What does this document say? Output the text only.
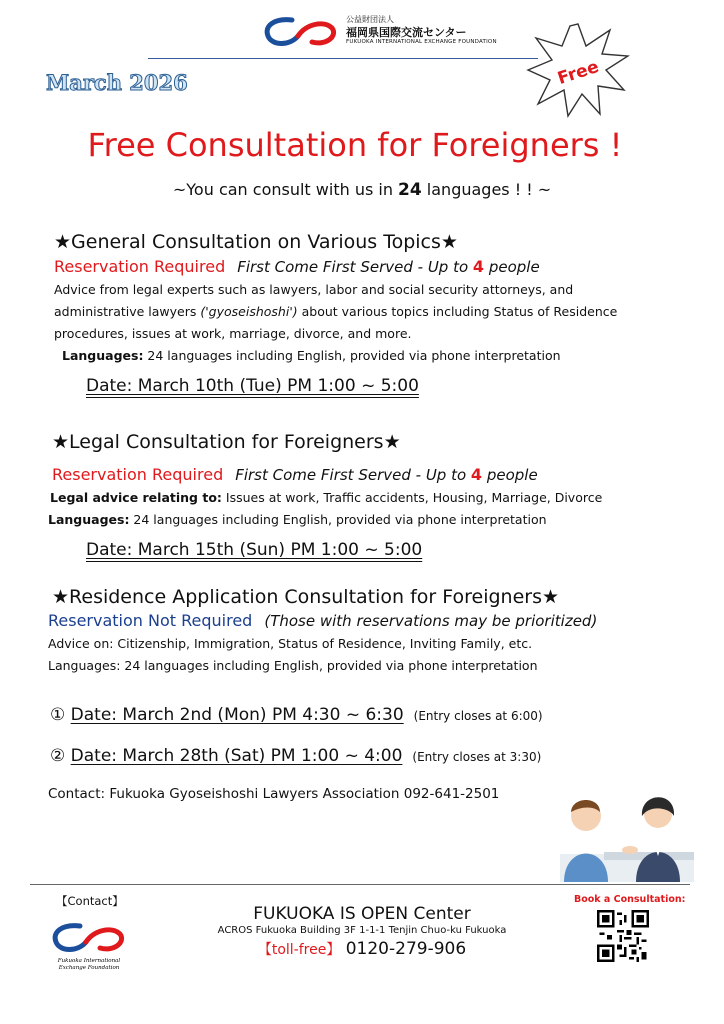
公益財団法人
福岡県国際交流センター
FUKUOKA INTERNATIONAL EXCHANGE FOUNDATION
March 2026	Free
Free Consultation for Foreigners !
~You can consult with us in 24 languages ! ! ~
★General Consultation on Various Topics★
Reservation Required First Come First Served - Up to 4 people
Advice from legal experts such as lawyers, labor and social security attorneys, and
administrative lawyers ('gyoseishoshi') about various topics including Status of Residence
procedures, issues at work, marriage, divorce, and more.
Languages: 24 languages including English, provided via phone interpretation
Date: March 10th (Tue) PM 1:00 ~ 5:00
★Legal Consultation for Foreigners★
Reservation Required First Come First Served - Up to 4 people
Legal advice relating to: Issues at work, Traffic accidents, Housing, Marriage, Divorce
Languages: 24 languages including English, provided via phone interpretation
Date: March 15th (Sun) PM 1:00 ~ 5:00
★Residence Application Consultation for Foreigners★
Reservation Not Required (Those with reservations may be prioritized)
Advice on: Citizenship, Immigration, Status of Residence, Inviting Family, etc.
Languages: 24 languages including English, provided via phone interpretation
① Date: March 2nd (Mon) PM 4:30 ~ 6:30 (Entry closes at 6:00)
② Date: March 28th (Sat) PM 1:00 ~ 4:00 (Entry closes at 3:30)
Contact: Fukuoka Gyoseishoshi Lawyers Association 092-641-2501
【Contact】
Fukuoka International
Exchange Foundation
FUKUOKA IS OPEN Center
ACROS Fukuoka Building 3F 1-1-1 Tenjin Chuo-ku Fukuoka
【toll-free】 0120-279-906
Book a Consultation:
